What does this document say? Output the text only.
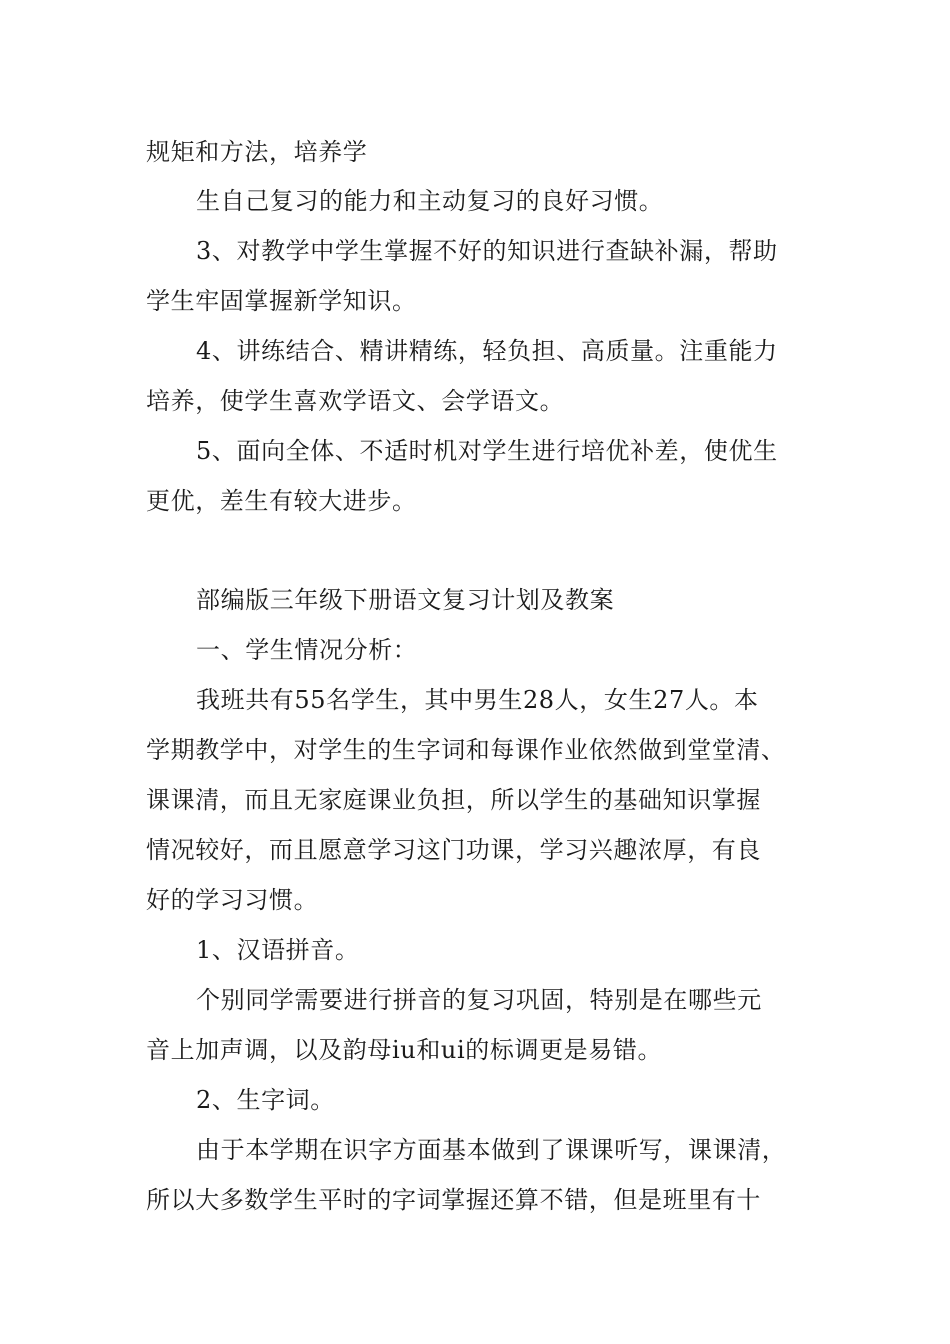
规矩和方法，培养学
生自己复习的能力和主动复习的良好习惯。
3、对教学中学生掌握不好的知识进行查缺补漏，帮助
学生牢固掌握新学知识。
4、讲练结合、精讲精练，轻负担、高质量。注重能力
培养，使学生喜欢学语文、会学语文。
5、面向全体、不适时机对学生进行培优补差，使优生
更优，差生有较大进步。
部编版三年级下册语文复习计划及教案
一、学生情况分析：
我班共有55名学生，其中男生28人，女生27人。本
学期教学中，对学生的生字词和每课作业依然做到堂堂清、
课课清，而且无家庭课业负担，所以学生的基础知识掌握
情况较好，而且愿意学习这门功课，学习兴趣浓厚，有良
好的学习习惯。
1、汉语拼音。
个别同学需要进行拼音的复习巩固，特别是在哪些元
音上加声调，以及韵母iu和ui的标调更是易错。
2、生字词。
由于本学期在识字方面基本做到了课课听写，课课清，
所以大多数学生平时的字词掌握还算不错，但是班里有十
